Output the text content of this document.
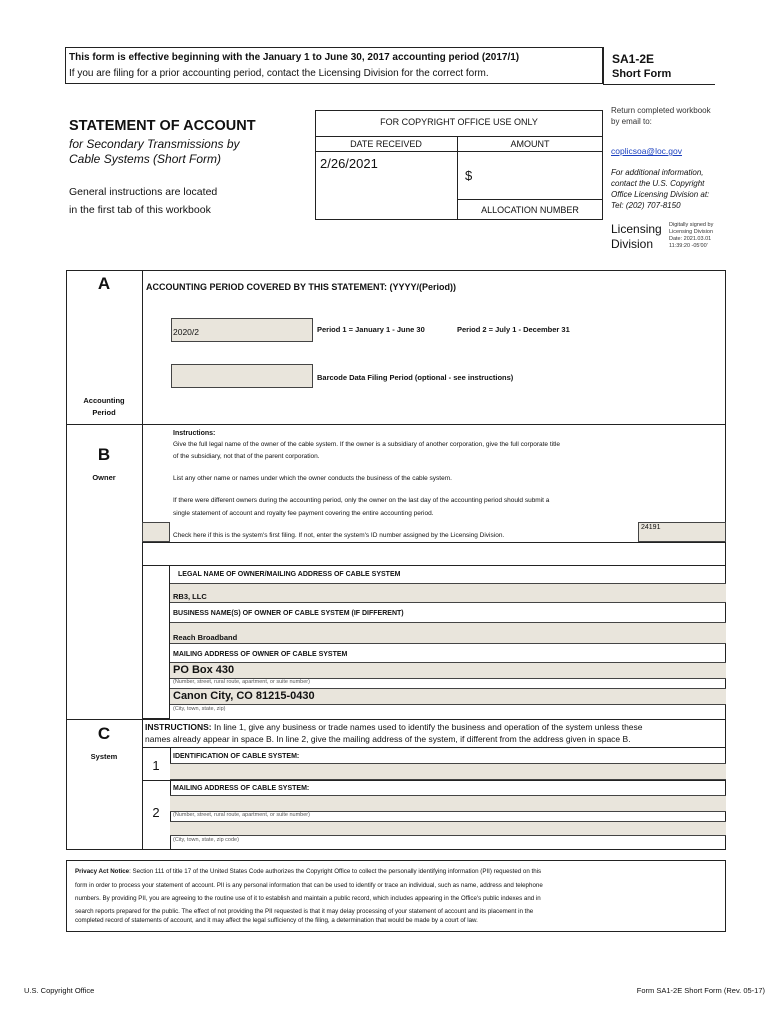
This form is effective beginning with the January 1 to June 30, 2017 accounting period (2017/1)
If you are filing for a prior accounting period, contact the Licensing Division for the correct form.
SA1-2E
Short Form
Return completed workbook
by email to:
coplicsoa@loc.gov
For additional information,
contact the U.S. Copyright
Office Licensing Division at:
Tel: (202) 707-8150
Licensing
Division
Digitally signed by
Licensing Division
Date: 2021.03.01
11:39:20 -05'00'
STATEMENT OF ACCOUNT
for Secondary Transmissions by
Cable Systems (Short Form)
General instructions are located
in the first tab of this workbook
FOR COPYRIGHT OFFICE USE ONLY
DATE RECEIVED	AMOUNT
2/26/2021
$
ALLOCATION NUMBER
A	ACCOUNTING PERIOD COVERED BY THIS STATEMENT: (YYYY/(Period))
2020/2	Period 1 = January 1 - June 30	Period 2 = July 1 - December 31
Barcode Data Filing Period (optional - see instructions)
Accounting
Period
B
Owner
Instructions:
Give the full legal name of the owner of the cable system. If the owner is a subsidiary of another corporation, give the full corporate title
of the subsidiary, not that of the parent corporation.
List any other name or names under which the owner conducts the business of the cable system.
If there were different owners during the accounting period, only the owner on the last day of the accounting period should submit a
single statement of account and royalty fee payment covering the entire accounting period.
Check here if this is the system's first filing. If not, enter the system's ID number assigned by the Licensing Division.
24191
LEGAL NAME OF OWNER/MAILING ADDRESS OF CABLE SYSTEM
RB3, LLC
BUSINESS NAME(S) OF OWNER OF CABLE SYSTEM (IF DIFFERENT)
Reach Broadband
MAILING ADDRESS OF OWNER OF CABLE SYSTEM
PO Box 430
(Number, street, rural route, apartment, or suite number)
Canon City, CO 81215-0430
(City, town, state, zip)
C
System
INSTRUCTIONS: In line 1, give any business or trade names used to identify the business and operation of the system unless these
names already appear in space B. In line 2, give the mailing address of the system, if different from the address given in space B.
1
IDENTIFICATION OF CABLE SYSTEM:
2
MAILING ADDRESS OF CABLE SYSTEM:
(Number, street, rural route, apartment, or suite number)
(City, town, state, zip code)
Privacy Act Notice: Section 111 of title 17 of the United States Code authorizes the Copyright Office to collect the personally identifying information (PII) requested on this
form in order to process your statement of account. PII is any personal information that can be used to identify or trace an individual, such as name, address and telephone
numbers. By providing PII, you are agreeing to the routine use of it to establish and maintain a public record, which includes appearing in the Office's public indexes and in
search reports prepared for the public. The effect of not providing the PII requested is that it may delay processing of your statement of account and its placement in the
completed record of statements of account, and it may affect the legal sufficiency of the filing, a determination that would be made by a court of law.
U.S. Copyright Office	Form SA1-2E Short Form (Rev. 05-17)
